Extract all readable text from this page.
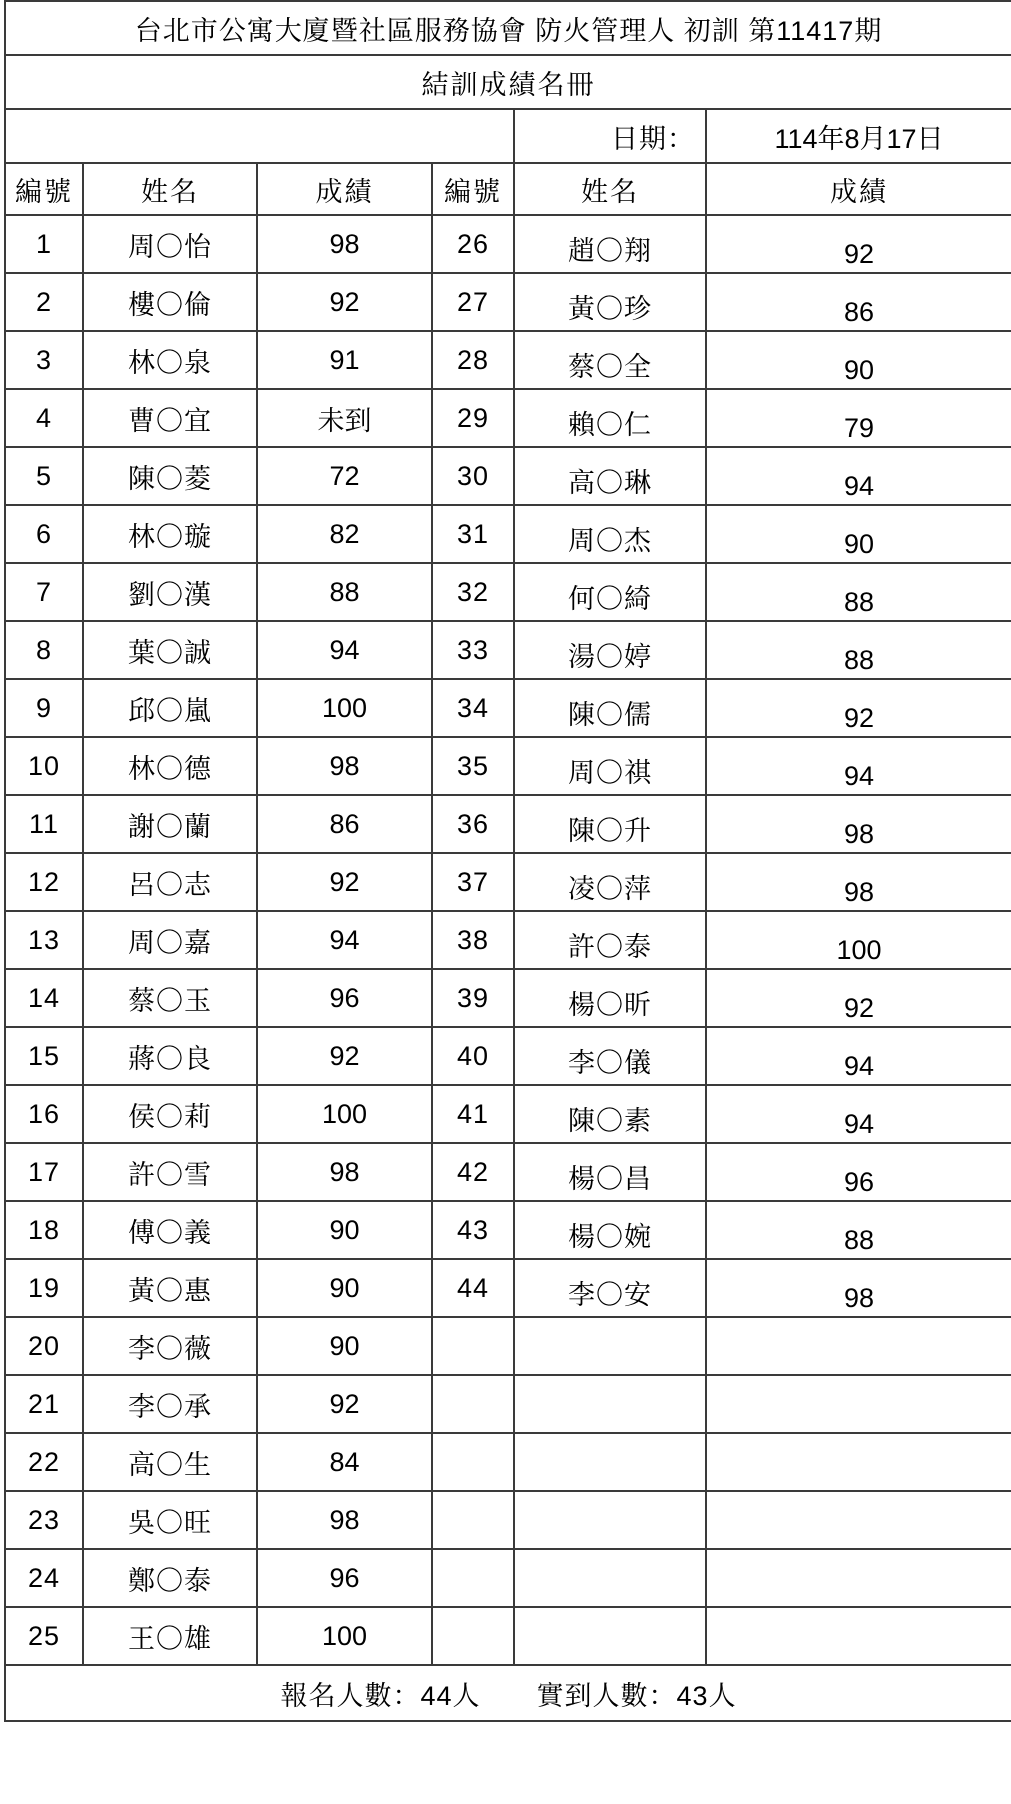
台北市公寓大廈暨社區服務協會 防火管理人 初訓 第11417期					
結訓成績名冊					
				日期：	114年8月17日
編號	姓名	成績	編號	姓名	成績
1	周〇怡	98	26	趙〇翔	92
2	樓〇倫	92	27	黃〇珍	86
3	林〇泉	91	28	蔡〇全	90
4	曹〇宜	未到	29	賴〇仁	79
5	陳〇菱	72	30	高〇琳	94
6	林〇璇	82	31	周〇杰	90
7	劉〇漢	88	32	何〇綺	88
8	葉〇誠	94	33	湯〇婷	88
9	邱〇嵐	100	34	陳〇儒	92
10	林〇德	98	35	周〇祺	94
11	謝〇蘭	86	36	陳〇升	98
12	呂〇志	92	37	凌〇萍	98
13	周〇嘉	94	38	許〇泰	100
14	蔡〇玉	96	39	楊〇昕	92
15	蔣〇良	92	40	李〇儀	94
16	侯〇莉	100	41	陳〇素	94
17	許〇雪	98	42	楊〇昌	96
18	傅〇義	90	43	楊〇婉	88
19	黃〇惠	90	44	李〇安	98
20	李〇薇	90			
21	李〇承	92			
22	高〇生	84			
23	吳〇旺	98			
24	鄭〇泰	96			
25	王〇雄	100			

報名人數：44人 實到人數：43人					
